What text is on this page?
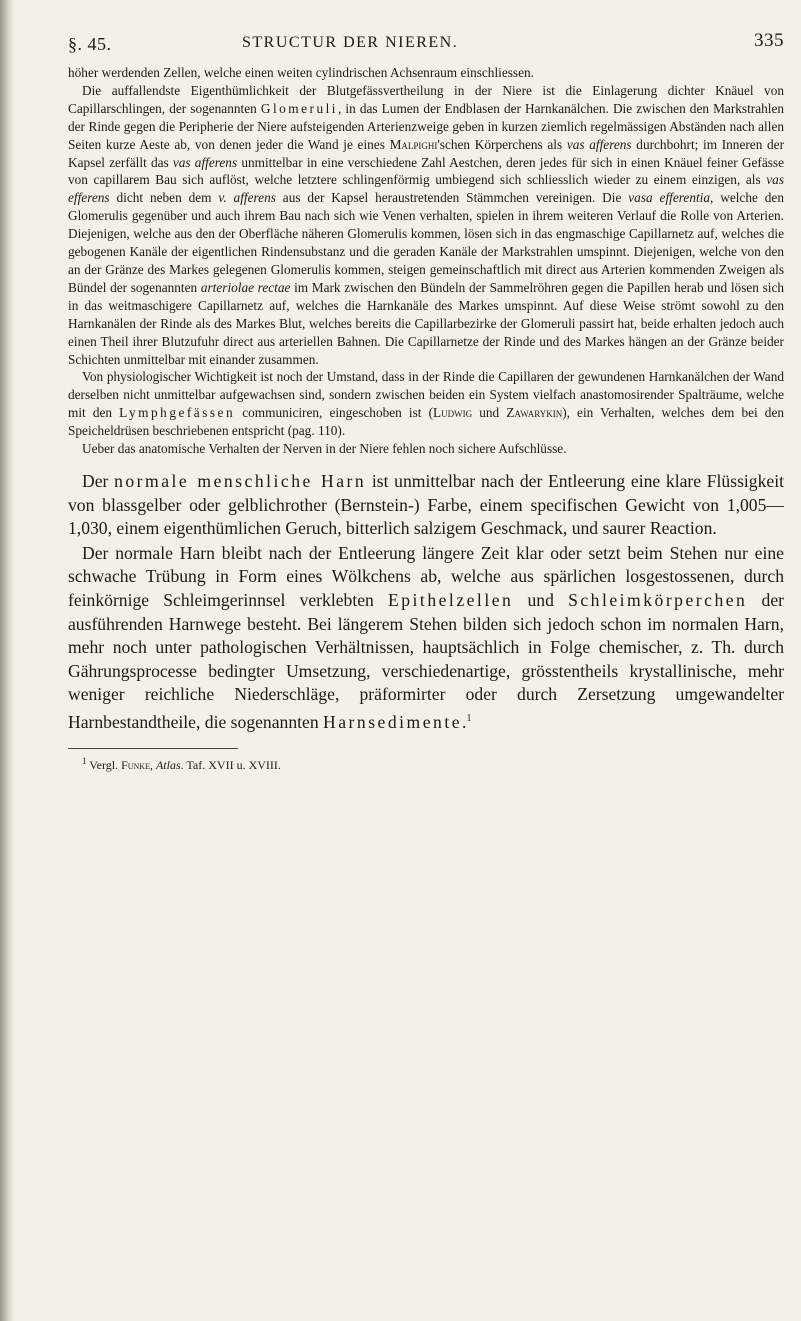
§. 45.	STRUCTUR DER NIEREN.	335

höher werdenden Zellen, welche einen weiten cylindrischen Achsenraum einschliessen.

Die auffallendste Eigenthümlichkeit der Blutgefässvertheilung in der Niere ist die Einlagerung dichter Knäuel von Capillarschlingen, der sogenannten Glomeruli, in das Lumen der Endblasen der Harnkanälchen. Die zwischen den Markstrahlen der Rinde gegen die Peripherie der Niere aufsteigenden Arterienzweige geben in kurzen ziemlich regelmässigen Abständen nach allen Seiten kurze Aeste ab, von denen jeder die Wand je eines Malpighi'schen Körperchens als vas afferens durchbohrt; im Inneren der Kapsel zerfällt das vas afferens unmittelbar in eine verschiedene Zahl Aestchen, deren jedes für sich in einen Knäuel feiner Gefässe von capillarem Bau sich auflöst, welche letztere schlingenförmig umbiegend sich schliesslich wieder zu einem einzigen, als vas efferens dicht neben dem v. afferens aus der Kapsel heraustretenden Stämmchen vereinigen. Die vasa efferentia, welche den Glomerulis gegenüber und auch ihrem Bau nach sich wie Venen verhalten, spielen in ihrem weiteren Verlauf die Rolle von Arterien. Diejenigen, welche aus den der Oberfläche näheren Glomerulis kommen, lösen sich in das engmaschige Capillarnetz auf, welches die gebogenen Kanäle der eigentlichen Rindensubstanz und die geraden Kanäle der Markstrahlen umspinnt. Diejenigen, welche von den an der Gränze des Markes gelegenen Glomerulis kommen, steigen gemeinschaftlich mit direct aus Arterien kommenden Zweigen als Bündel der sogenannten arteriolae rectae im Mark zwischen den Bündeln der Sammelröhren gegen die Papillen herab und lösen sich in das weitmaschigere Capillarnetz auf, welches die Harnkanäle des Markes umspinnt. Auf diese Weise strömt sowohl zu den Harnkanälen der Rinde als des Markes Blut, welches bereits die Capillarbezirke der Glomeruli passirt hat, beide erhalten jedoch auch einen Theil ihrer Blutzufuhr direct aus arteriellen Bahnen. Die Capillarnetze der Rinde und des Markes hängen an der Gränze beider Schichten unmittelbar mit einander zusammen.

Von physiologischer Wichtigkeit ist noch der Umstand, dass in der Rinde die Capillaren der gewundenen Harnkanälchen der Wand derselben nicht unmittelbar aufgewachsen sind, sondern zwischen beiden ein System vielfach anastomosirender Spalträume, welche mit den Lymphgefässen communiciren, eingeschoben ist (Ludwig und Zawarykin), ein Verhalten, welches dem bei den Speicheldrüsen beschriebenen entspricht (pag. 110).

Ueber das anatomische Verhalten der Nerven in der Niere fehlen noch sichere Aufschlüsse.

Der normale menschliche Harn ist unmittelbar nach der Entleerung eine klare Flüssigkeit von blassgelber oder gelblichrother (Bernstein-) Farbe, einem specifischen Gewicht von 1,005—1,030, einem eigenthümlichen Geruch, bitterlich salzigem Geschmack, und saurer Reaction.

Der normale Harn bleibt nach der Entleerung längere Zeit klar oder setzt beim Stehen nur eine schwache Trübung in Form eines Wölkchens ab, welche aus spärlichen losgestossenen, durch feinkörnige Schleimgerinnsel verklebten Epithelzellen und Schleimkörperchen der ausführenden Harnwege besteht. Bei längerem Stehen bilden sich jedoch schon im normalen Harn, mehr noch unter pathologischen Verhältnissen, hauptsächlich in Folge chemischer, z. Th. durch Gährungsprocesse bedingter Umsetzung, verschiedenartige, grösstentheils krystallinische, mehr weniger reichliche Niederschläge, präformirter oder durch Zersetzung umgewandelter Harnbestandtheile, die sogenannten Harnsedimente.$^1$

$^1$ Vergl. Funke, Atlas. Taf. XVII u. XVIII.
